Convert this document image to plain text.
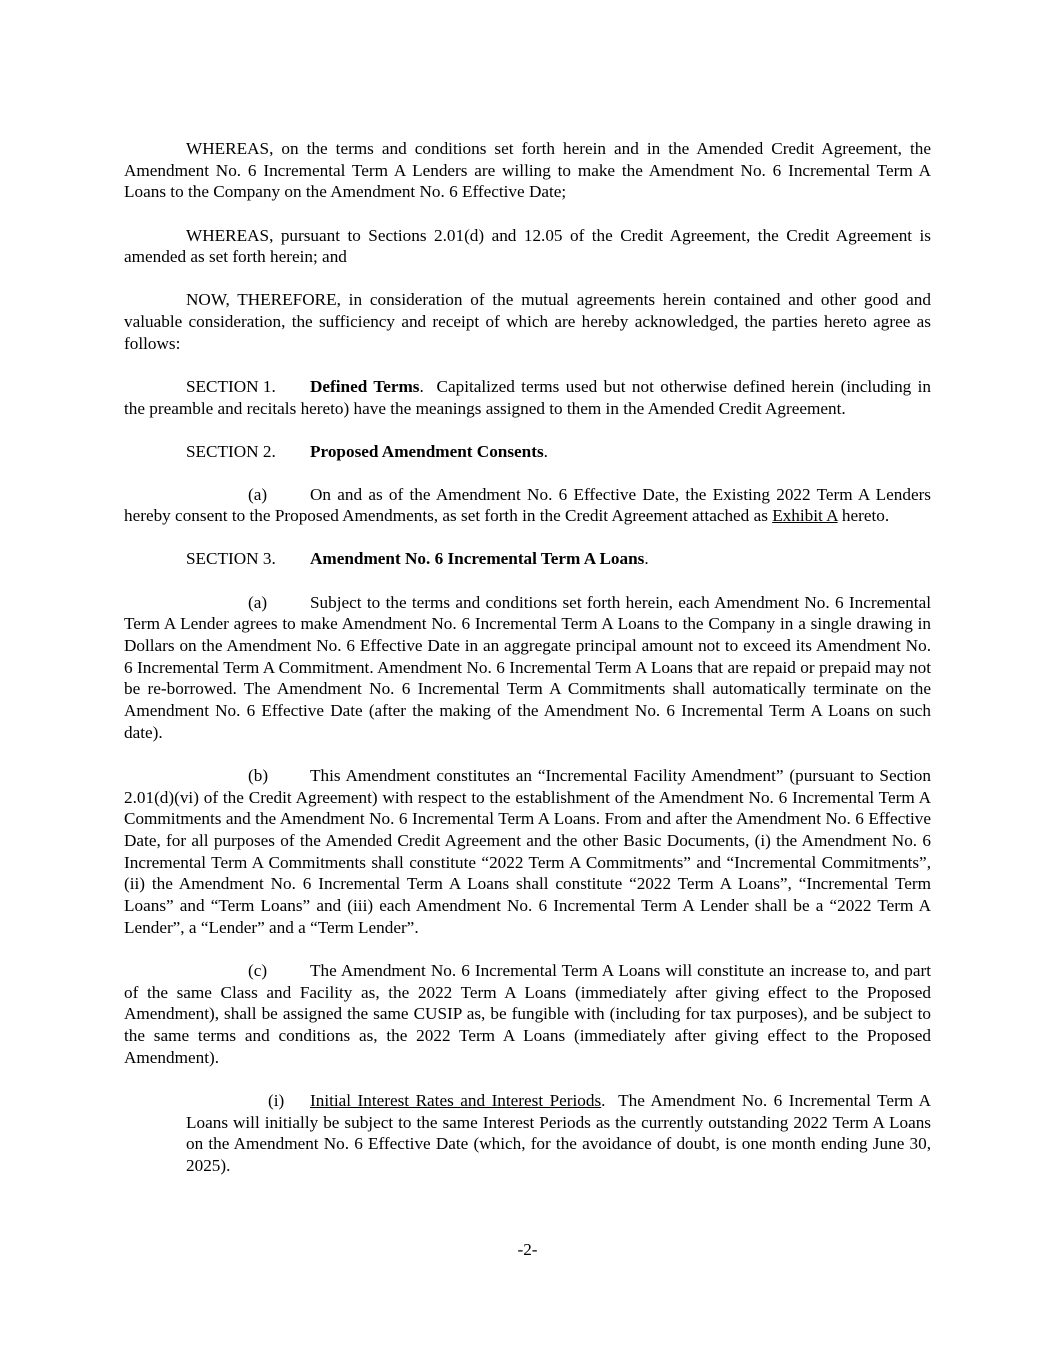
WHEREAS, on the terms and conditions set forth herein and in the Amended Credit Agreement, the Amendment No. 6 Incremental Term A Lenders are willing to make the Amendment No. 6 Incremental Term A Loans to the Company on the Amendment No. 6 Effective Date;

WHEREAS, pursuant to Sections 2.01(d) and 12.05 of the Credit Agreement, the Credit Agreement is amended as set forth herein; and

NOW, THEREFORE, in consideration of the mutual agreements herein contained and other good and valuable consideration, the sufficiency and receipt of which are hereby acknowledged, the parties hereto agree as follows:

SECTION 1. Defined Terms. Capitalized terms used but not otherwise defined herein (including in the preamble and recitals hereto) have the meanings assigned to them in the Amended Credit Agreement.

SECTION 2. Proposed Amendment Consents.

(a) On and as of the Amendment No. 6 Effective Date, the Existing 2022 Term A Lenders hereby consent to the Proposed Amendments, as set forth in the Credit Agreement attached as Exhibit A hereto.

SECTION 3. Amendment No. 6 Incremental Term A Loans.

(a) Subject to the terms and conditions set forth herein, each Amendment No. 6 Incremental Term A Lender agrees to make Amendment No. 6 Incremental Term A Loans to the Company in a single drawing in Dollars on the Amendment No. 6 Effective Date in an aggregate principal amount not to exceed its Amendment No. 6 Incremental Term A Commitment. Amendment No. 6 Incremental Term A Loans that are repaid or prepaid may not be re-borrowed. The Amendment No. 6 Incremental Term A Commitments shall automatically terminate on the Amendment No. 6 Effective Date (after the making of the Amendment No. 6 Incremental Term A Loans on such date).

(b) This Amendment constitutes an “Incremental Facility Amendment” (pursuant to Section 2.01(d)(vi) of the Credit Agreement) with respect to the establishment of the Amendment No. 6 Incremental Term A Commitments and the Amendment No. 6 Incremental Term A Loans. From and after the Amendment No. 6 Effective Date, for all purposes of the Amended Credit Agreement and the other Basic Documents, (i) the Amendment No. 6 Incremental Term A Commitments shall constitute “2022 Term A Commitments” and “Incremental Commitments”, (ii) the Amendment No. 6 Incremental Term A Loans shall constitute “2022 Term A Loans”, “Incremental Term Loans” and “Term Loans” and (iii) each Amendment No. 6 Incremental Term A Lender shall be a “2022 Term A Lender”, a “Lender” and a “Term Lender”.

(c) The Amendment No. 6 Incremental Term A Loans will constitute an increase to, and part of the same Class and Facility as, the 2022 Term A Loans (immediately after giving effect to the Proposed Amendment), shall be assigned the same CUSIP as, be fungible with (including for tax purposes), and be subject to the same terms and conditions as, the 2022 Term A Loans (immediately after giving effect to the Proposed Amendment).

(i) Initial Interest Rates and Interest Periods. The Amendment No. 6 Incremental Term A Loans will initially be subject to the same Interest Periods as the currently outstanding 2022 Term A Loans on the Amendment No. 6 Effective Date (which, for the avoidance of doubt, is one month ending June 30, 2025).

-2-
